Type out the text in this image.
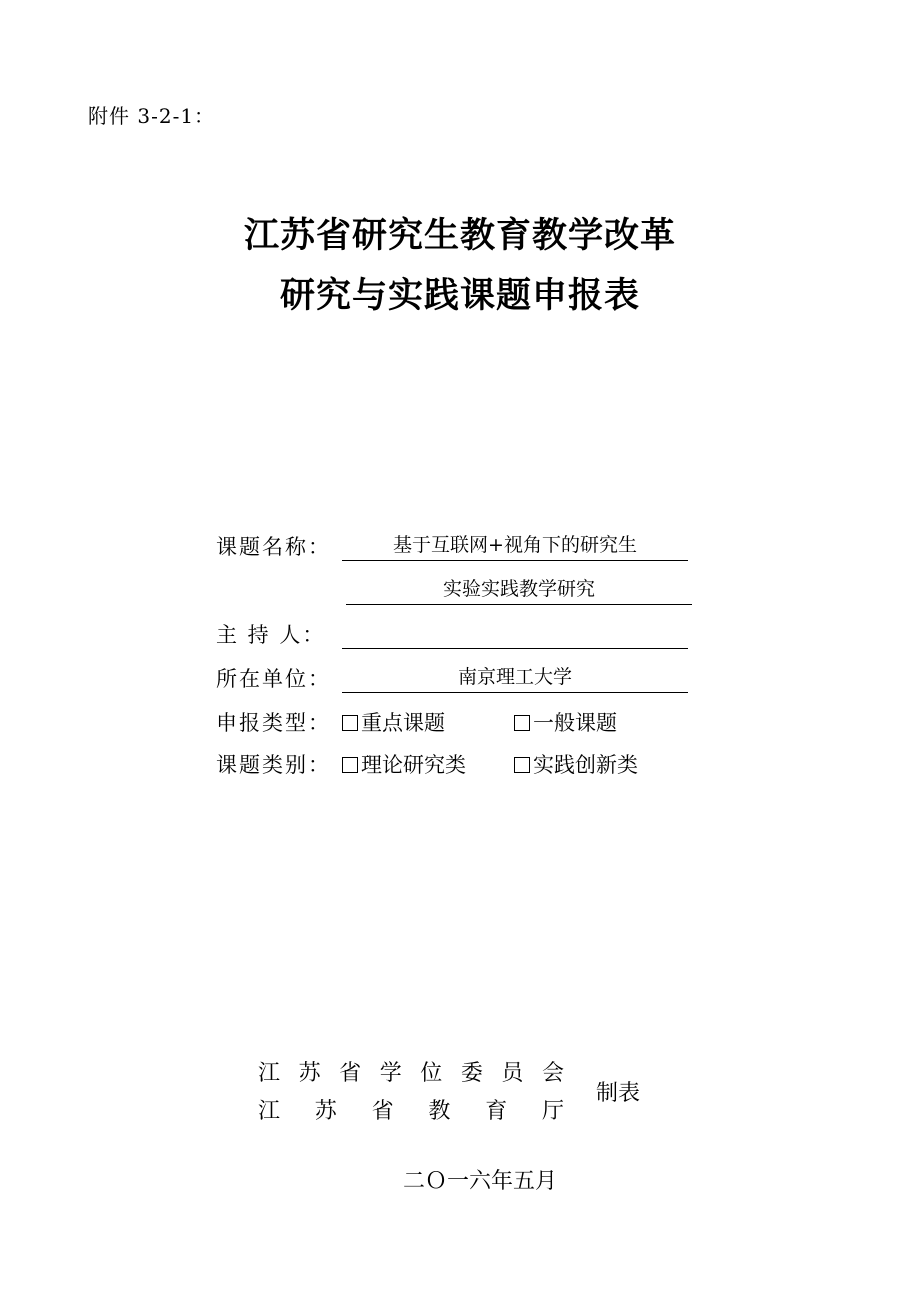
附件 3-2-1：
江苏省研究生教育教学改革
研究与实践课题申报表
课题名称：	基于互联网+视角下的研究生
实验实践教学研究
主 持 人：
所在单位：	南京理工大学
申报类型： 重点课题	一般课题
课题类别： 理论研究类	实践创新类
江 苏 省 学 位 委 员 会
江 苏 省 教 育 厅
制表
二Ｏ一六年五月
